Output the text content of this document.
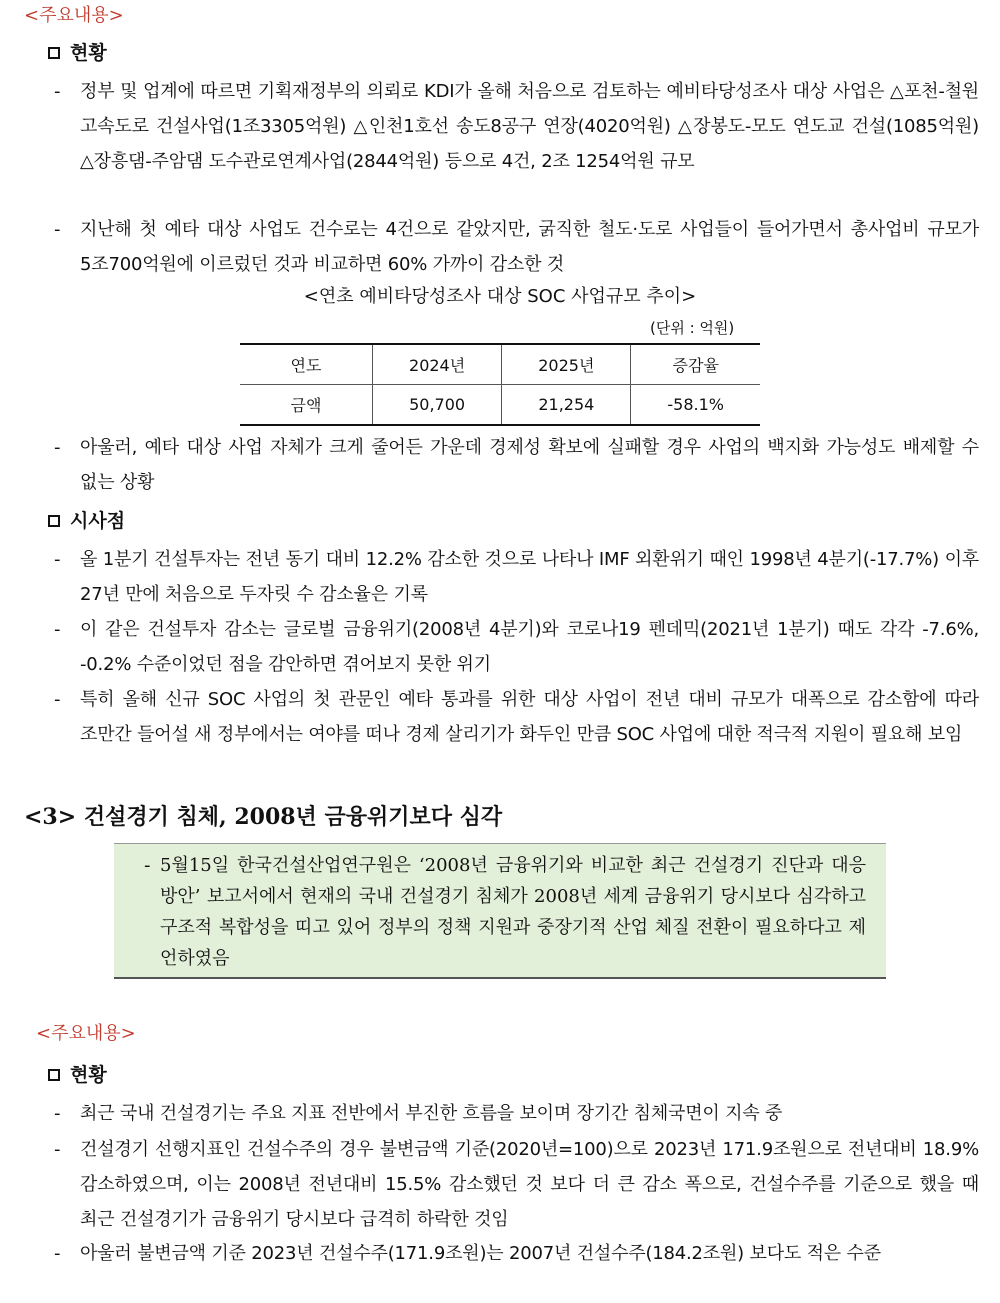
<주요내용>
현황
- 정부 및 업계에 따르면 기획재정부의 의뢰로 KDI가 올해 처음으로 검토하는 예비타당성조사 대상 사업은 △포천-철원 고속도로 건설사업(1조3305억원) △인천1호선 송도8공구 연장(4020억원) △장봉도-모도 연도교 건설(1085억원) △장흥댐-주암댐 도수관로연계사업(2844억원) 등으로 4건, 2조 1254억원 규모
- 지난해 첫 예타 대상 사업도 건수로는 4건으로 같았지만, 굵직한 철도·도로 사업들이 들어가면서 총사업비 규모가 5조700억원에 이르렀던 것과 비교하면 60% 가까이 감소한 것
<연초 예비타당성조사 대상 SOC 사업규모 추이>
(단위 : 억원)
연도	2024년	2025년	증감율
금액	50,700	21,254	-58.1%
- 아울러, 예타 대상 사업 자체가 크게 줄어든 가운데 경제성 확보에 실패할 경우 사업의 백지화 가능성도 배제할 수 없는 상황
시사점
- 올 1분기 건설투자는 전년 동기 대비 12.2% 감소한 것으로 나타나 IMF 외환위기 때인 1998년 4분기(-17.7%) 이후 27년 만에 처음으로 두자릿 수 감소율은 기록
- 이 같은 건설투자 감소는 글로벌 금융위기(2008년 4분기)와 코로나19 펜데믹(2021년 1분기) 때도 각각 -7.6%, -0.2% 수준이었던 점을 감안하면 겪어보지 못한 위기
- 특히 올해 신규 SOC 사업의 첫 관문인 예타 통과를 위한 대상 사업이 전년 대비 규모가 대폭으로 감소함에 따라 조만간 들어설 새 정부에서는 여야를 떠나 경제 살리기가 화두인 만큼 SOC 사업에 대한 적극적 지원이 필요해 보임
<3> 건설경기 침체, 2008년 금융위기보다 심각
- 5월15일 한국건설산업연구원은 ‘2008년 금융위기와 비교한 최근 건설경기 진단과 대응 방안’ 보고서에서 현재의 국내 건설경기 침체가 2008년 세계 금융위기 당시보다 심각하고 구조적 복합성을 띠고 있어 정부의 정책 지원과 중장기적 산업 체질 전환이 필요하다고 제언하였음
<주요내용>
현황
- 최근 국내 건설경기는 주요 지표 전반에서 부진한 흐름을 보이며 장기간 침체국면이 지속 중
- 건설경기 선행지표인 건설수주의 경우 불변금액 기준(2020년=100)으로 2023년 171.9조원으로 전년대비 18.9% 감소하였으며, 이는 2008년 전년대비 15.5% 감소했던 것 보다 더 큰 감소 폭으로, 건설수주를 기준으로 했을 때 최근 건설경기가 금융위기 당시보다 급격히 하락한 것임
- 아울러 불변금액 기준 2023년 건설수주(171.9조원)는 2007년 건설수주(184.2조원) 보다도 적은 수준
